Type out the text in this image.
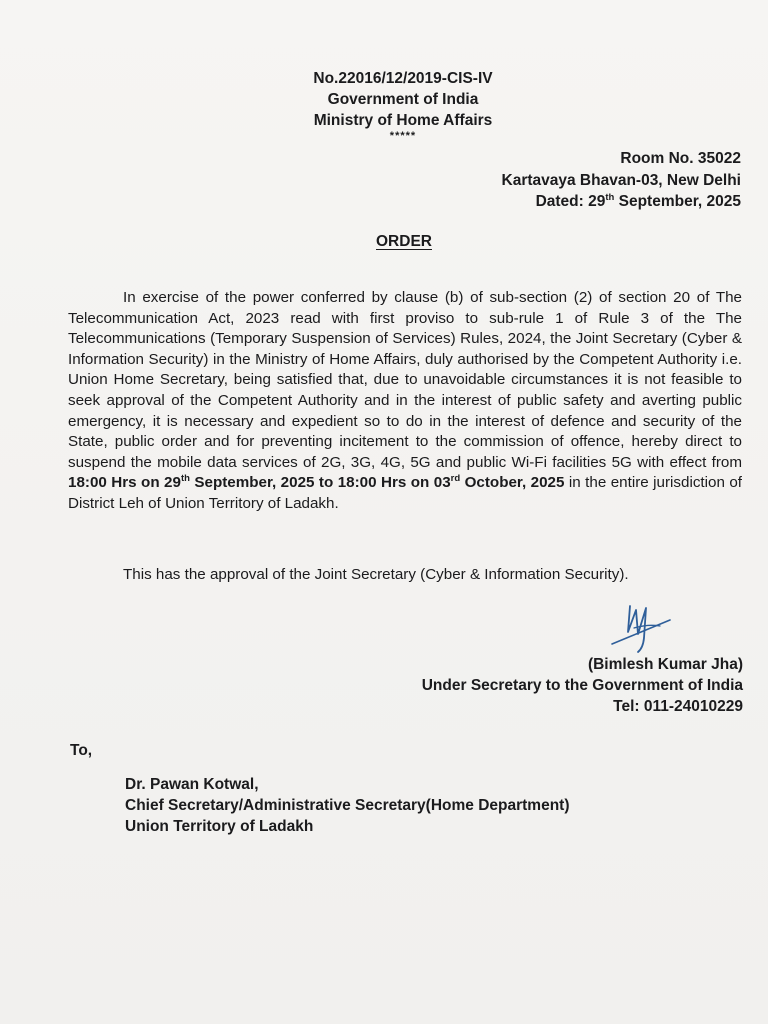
No.22016/12/2019-CIS-IV
Government of India
Ministry of Home Affairs
*****
Room No. 35022
Kartavaya Bhavan-03, New Delhi
Dated: 29th September, 2025
ORDER
In exercise of the power conferred by clause (b) of sub-section (2) of section 20 of The Telecommunication Act, 2023 read with first proviso to sub-rule 1 of Rule 3 of the The Telecommunications (Temporary Suspension of Services) Rules, 2024, the Joint Secretary (Cyber & Information Security) in the Ministry of Home Affairs, duly authorised by the Competent Authority i.e. Union Home Secretary, being satisfied that, due to unavoidable circumstances it is not feasible to seek approval of the Competent Authority and in the interest of public safety and averting public emergency, it is necessary and expedient so to do in the interest of defence and security of the State, public order and for preventing incitement to the commission of offence, hereby direct to suspend the mobile data services of 2G, 3G, 4G, 5G and public Wi-Fi facilities 5G with effect from 18:00 Hrs on 29th September, 2025 to 18:00 Hrs on 03rd October, 2025 in the entire jurisdiction of District Leh of Union Territory of Ladakh.
This has the approval of the Joint Secretary (Cyber & Information Security).
(Bimlesh Kumar Jha)
Under Secretary to the Government of India
Tel: 011-24010229
To,
Dr. Pawan Kotwal,
Chief Secretary/Administrative Secretary(Home Department)
Union Territory of Ladakh
